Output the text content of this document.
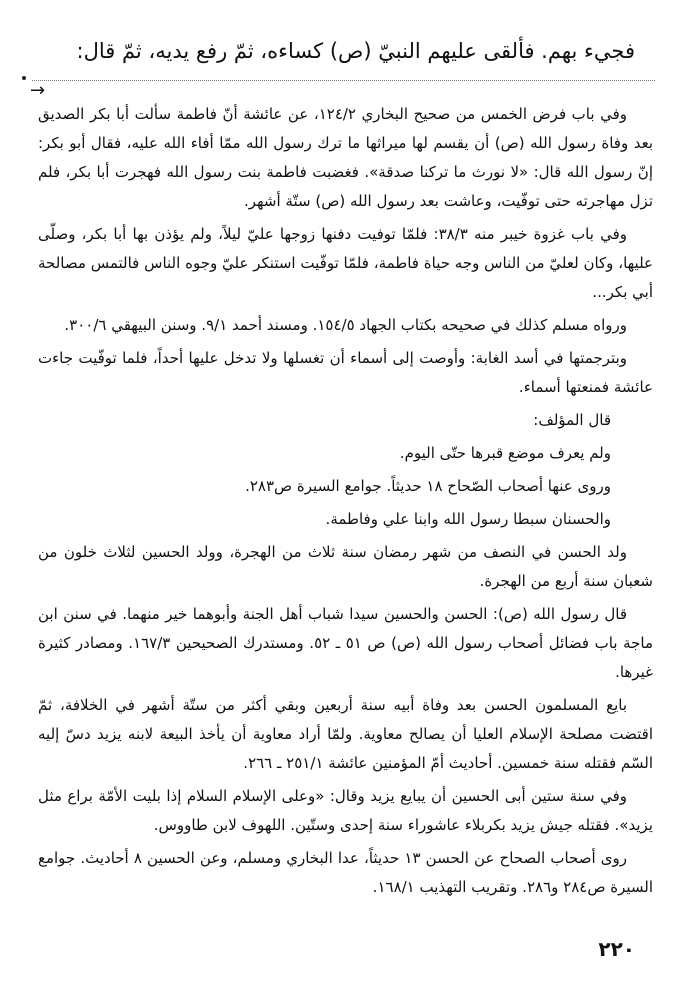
فجيء بهم. فألقى عليهم النبيّ (ص) كساءه، ثمّ رفع يديه، ثمّ قال:
→

وفي باب فرض الخمس من صحيح البخاري ١٢٤/٢، عن عائشة أنّ فاطمة سألت أبا بكر الصديق بعد وفاة رسول الله (ص) أن يقسم لها ميراثها ما ترك رسول الله ممّا أفاء الله عليه، فقال أبو بكر: إنّ رسول الله قال: «لا نورث ما تركنا صدقة». فغضبت فاطمة بنت رسول الله فهجرت أبا بكر، فلم تزل مهاجرته حتى توفّيت، وعاشت بعد رسول الله (ص) ستّة أشهر.

وفي باب غزوة خيبر منه ٣٨/٣: فلمّا توفيت دفنها زوجها عليّ ليلاً، ولم يؤذن بها أبا بكر، وصلّى عليها، وكان لعليّ من الناس وجه حياة فاطمة، فلمّا توفّيت استنكر عليّ وجوه الناس فالتمس مصالحة أبي بكر...

ورواه مسلم كذلك في صحيحه بكتاب الجهاد ١٥٤/٥. ومسند أحمد ٩/١. وسنن البيهقي ٣٠٠/٦.

وبترجمتها في أسد الغابة: وأوصت إلى أسماء أن تغسلها ولا تدخل عليها أحداً، فلما توفّيت جاءت عائشة فمنعتها أسماء.

قال المؤلف:

ولم يعرف موضع قبرها حتّى اليوم.

وروى عنها أصحاب الصّحاح ١٨ حديثاً. جوامع السيرة ص٢٨٣.

والحسنان سبطا رسول الله وابنا علي وفاطمة.

ولد الحسن في النصف من شهر رمضان سنة ثلاث من الهجرة، وولد الحسين لثلاث خلون من شعبان سنة أربع من الهجرة.

قال رسول الله (ص): الحسن والحسين سيدا شباب أهل الجنة وأبوهما خير منهما. في سنن ابن ماجة باب فضائل أصحاب رسول الله (ص) ص ٥١ ـ ٥٢. ومستدرك الصحيحين ١٦٧/٣. ومصادر كثيرة غيرها.

بايع المسلمون الحسن بعد وفاة أبيه سنة أربعين وبقي أكثر من ستّة أشهر في الخلافة، ثمّ اقتضت مصلحة الإسلام العليا أن يصالح معاوية. ولمّا أراد معاوية أن يأخذ البيعة لابنه يزيد دسّ إليه السّم فقتله سنة خمسين. أحاديث أمّ المؤمنين عائشة ٢٥١/١ ـ ٢٦٦.

وفي سنة ستين أبى الحسين أن يبايع يزيد وقال: «وعلى الإسلام السلام إذا بليت الأمّة براع مثل يزيد». فقتله جيش يزيد بكربلاء عاشوراء سنة إحدى وستّين. اللهوف لابن طاووس.

روى أصحاب الصحاح عن الحسن ١٣ حديثاً، عدا البخاري ومسلم، وعن الحسين ٨ أحاديث. جوامع السيرة ص٢٨٤ و٢٨٦. وتقريب التهذيب ١٦٨/١.

٢٢٠
